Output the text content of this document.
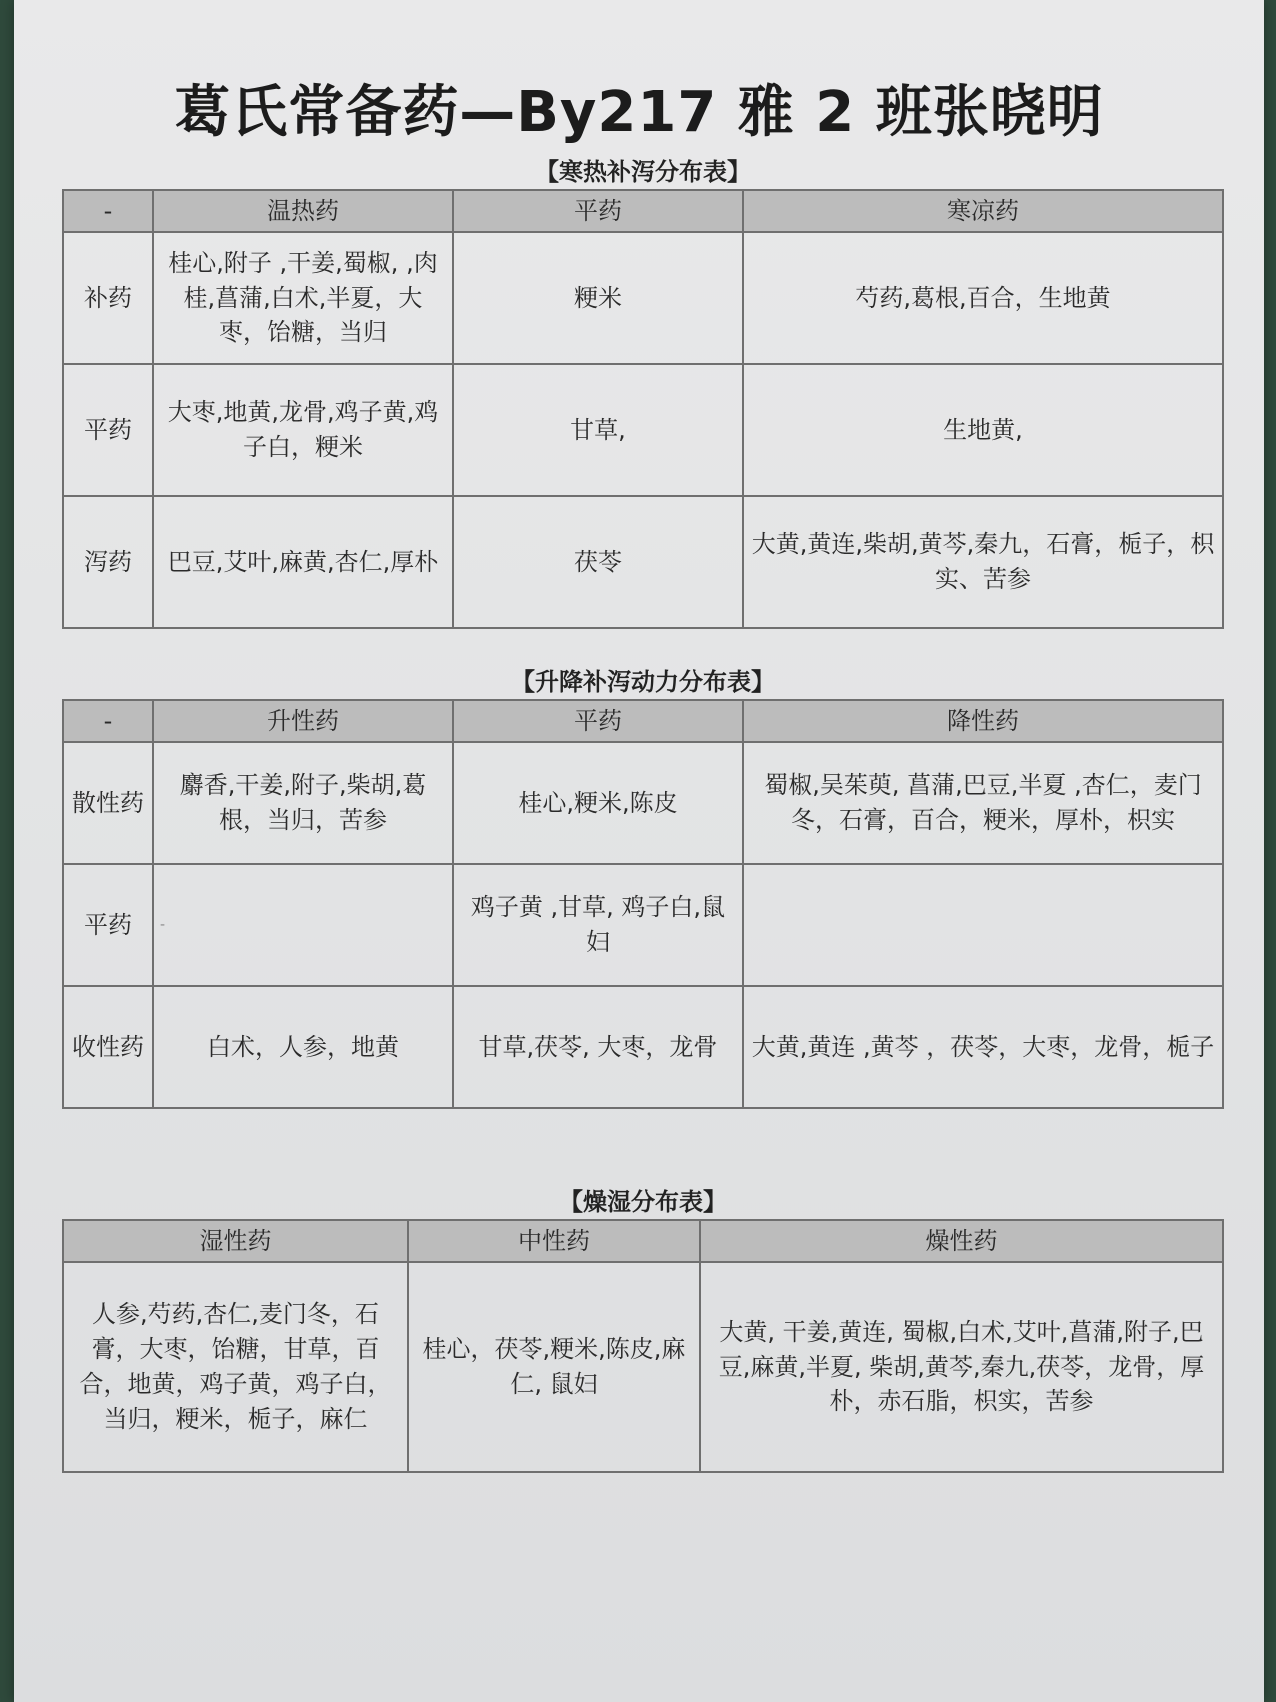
葛氏常备药—By217 雅 2 班张晓明
【寒热补泻分布表】
-	温热药	平药	寒凉药
补药	桂心,附子 ,干姜,蜀椒, ,肉桂,菖蒲,白术,半夏，大枣，饴糖，当归	粳米	芍药,葛根,百合，生地黄
平药	大枣,地黄,龙骨,鸡子黄,鸡子白，粳米	甘草,	生地黄,
泻药	巴豆,艾叶,麻黄,杏仁,厚朴	茯苓	大黄,黄连,柴胡,黄芩,秦九，石膏，栀子，枳实、苦参
【升降补泻动力分布表】
-	升性药	平药	降性药
散性药	麝香,干姜,附子,柴胡,葛根，当归，苦参	桂心,粳米,陈皮	蜀椒,吴茱萸, 菖蒲,巴豆,半夏 ,杏仁，麦门冬，石膏，百合，粳米，厚朴，枳实
平药	-	鸡子黄 ,甘草, 鸡子白,鼠妇	
收性药	白术，人参，地黄	甘草,茯苓, 大枣，龙骨	大黄,黄连 ,黄芩 ，茯苓，大枣，龙骨，栀子
【燥湿分布表】
湿性药	中性药	燥性药
人参,芍药,杏仁,麦门冬，石膏，大枣，饴糖，甘草，百合，地黄，鸡子黄，鸡子白，当归，粳米，栀子，麻仁	桂心，茯苓,粳米,陈皮,麻仁, 鼠妇	大黄, 干姜,黄连, 蜀椒,白术,艾叶,菖蒲,附子,巴豆,麻黄,半夏, 柴胡,黄芩,秦九,茯苓，龙骨，厚朴，赤石脂，枳实，苦参
